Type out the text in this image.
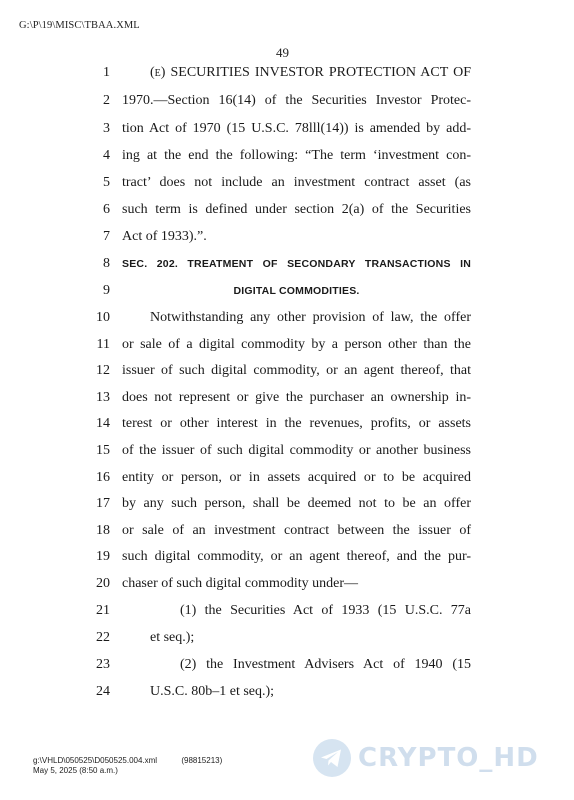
G:\P\19\MISC\TBAA.XML
49
1	(e) SECURITIES INVESTOR PROTECTION ACT OF
2 1970.—Section 16(14) of the Securities Investor Protec-
3 tion Act of 1970 (15 U.S.C. 78lll(14)) is amended by add-
4 ing at the end the following: “The term ‘investment con-
5 tract’ does not include an investment contract asset (as
6 such term is defined under section 2(a) of the Securities
7 Act of 1933).”.
8 SEC. 202. TREATMENT OF SECONDARY TRANSACTIONS IN
9	DIGITAL COMMODITIES.
10	Notwithstanding any other provision of law, the offer
11 or sale of a digital commodity by a person other than the
12 issuer of such digital commodity, or an agent thereof, that
13 does not represent or give the purchaser an ownership in-
14 terest or other interest in the revenues, profits, or assets
15 of the issuer of such digital commodity or another business
16 entity or person, or in assets acquired or to be acquired
17 by any such person, shall be deemed not to be an offer
18 or sale of an investment contract between the issuer of
19 such digital commodity, or an agent thereof, and the pur-
20 chaser of such digital commodity under—
21	(1) the Securities Act of 1933 (15 U.S.C. 77a
22	et seq.);
23	(2) the Investment Advisers Act of 1940 (15
24	U.S.C. 80b–1 et seq.);
g:\VHLD\050525\D050525.004.xml	(98815213)
May 5, 2025 (8:50 a.m.)	CRYPTO_HD
